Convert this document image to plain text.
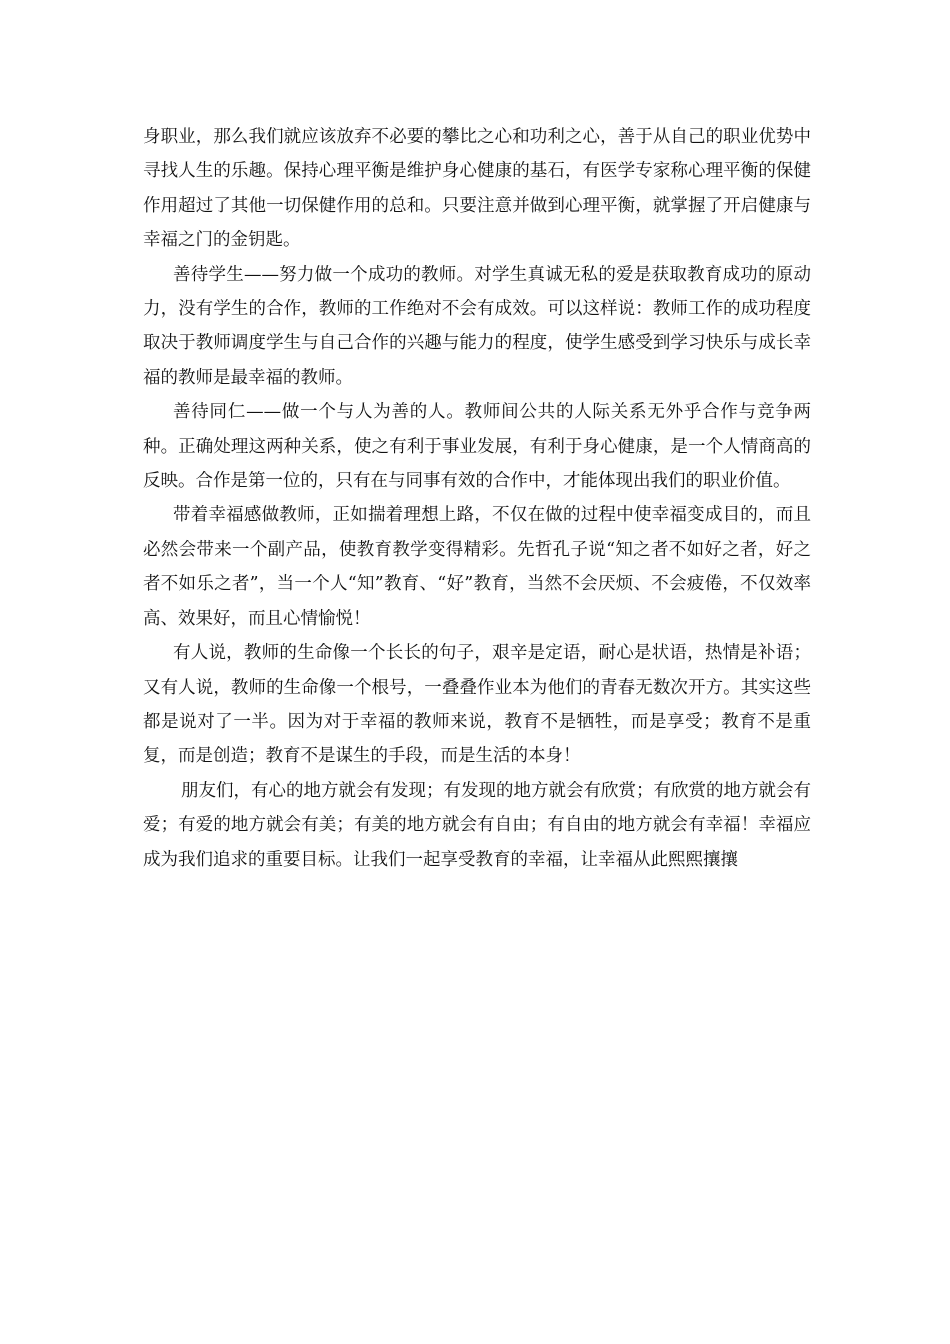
身职业，那么我们就应该放弃不必要的攀比之心和功利之心，善于从自己的职业优势中寻找人生的乐趣。保持心理平衡是维护身心健康的基石，有医学专家称心理平衡的保健作用超过了其他一切保健作用的总和。只要注意并做到心理平衡，就掌握了开启健康与幸福之门的金钥匙。

善待学生——努力做一个成功的教师。对学生真诚无私的爱是获取教育成功的原动力，没有学生的合作，教师的工作绝对不会有成效。可以这样说：教师工作的成功程度取决于教师调度学生与自己合作的兴趣与能力的程度，使学生感受到学习快乐与成长幸福的教师是最幸福的教师。

善待同仁——做一个与人为善的人。教师间公共的人际关系无外乎合作与竞争两种。正确处理这两种关系，使之有利于事业发展，有利于身心健康，是一个人情商高的反映。合作是第一位的，只有在与同事有效的合作中，才能体现出我们的职业价值。

带着幸福感做教师，正如揣着理想上路，不仅在做的过程中使幸福变成目的，而且必然会带来一个副产品，使教育教学变得精彩。先哲孔子说“知之者不如好之者，好之者不如乐之者”，当一个人“知”教育、“好”教育，当然不会厌烦、不会疲倦，不仅效率高、效果好，而且心情愉悦！

有人说，教师的生命像一个长长的句子，艰辛是定语，耐心是状语，热情是补语；又有人说，教师的生命像一个根号，一叠叠作业本为他们的青春无数次开方。其实这些都是说对了一半。因为对于幸福的教师来说，教育不是牺牲，而是享受；教育不是重复，而是创造；教育不是谋生的手段，而是生活的本身！

朋友们，有心的地方就会有发现；有发现的地方就会有欣赏；有欣赏的地方就会有爱；有爱的地方就会有美；有美的地方就会有自由；有自由的地方就会有幸福！幸福应成为我们追求的重要目标。让我们一起享受教育的幸福，让幸福从此熙熙攘攘
